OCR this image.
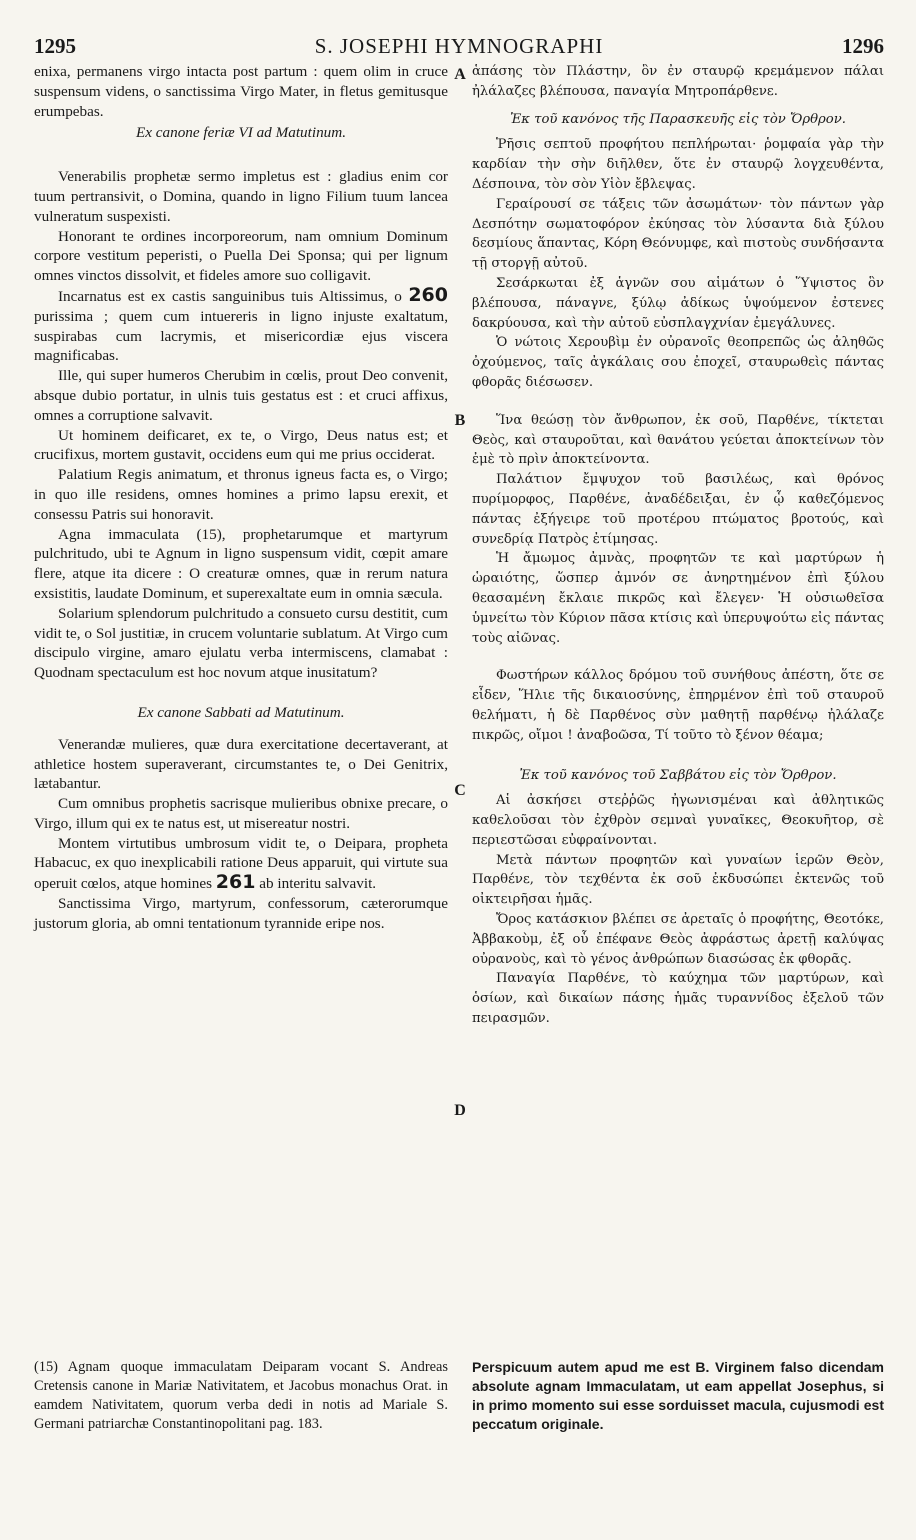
1295	S. JOSEPHI HYMNOGRAPHI	1296
A
B
C
D

enixa, permanens virgo intacta post partum : quem olim in cruce suspensum videns, o sanctissima Virgo Mater, in fletus gemitusque erumpebas.

Ex canone feriæ VI ad Matutinum.

Venerabilis prophetæ sermo impletus est : gladius enim cor tuum pertransivit, o Domina, quando in ligno Filium tuum lancea vulneratum suspexisti.

Honorant te ordines incorporeorum, nam omnium Dominum corpore vestitum peperisti, o Puella Dei Sponsa; qui per lignum omnes vinctos dissolvit, et fideles amore suo colligavit.

Incarnatus est ex castis sanguinibus tuis Altissimus, o 260 purissima ; quem cum intuereris in ligno injuste exaltatum, suspirabas cum lacrymis, et misericordiæ ejus viscera magnificabas.

Ille, qui super humeros Cherubim in cœlis, prout Deo convenit, absque dubio portatur, in ulnis tuis gestatus est : et cruci affixus, omnes a corruptione salvavit.

Ut hominem deificaret, ex te, o Virgo, Deus natus est; et crucifixus, mortem gustavit, occidens eum qui me prius occiderat.

Palatium Regis animatum, et thronus igneus facta es, o Virgo; in quo ille residens, omnes homines a primo lapsu erexit, et consessu Patris sui honoravit.

Agna immaculata (15), prophetarumque et martyrum pulchritudo, ubi te Agnum in ligno suspensum vidit, cœpit amare flere, atque ita dicere : O creaturæ omnes, quæ in rerum natura exsistitis, laudate Dominum, et superexaltate eum in omnia sæcula.

Solarium splendorum pulchritudo a consueto cursu destitit, cum vidit te, o Sol justitiæ, in crucem voluntarie sublatum. At Virgo cum discipulo virgine, amaro ejulatu verba intermiscens, clamabat : Quodnam spectaculum est hoc novum atque inusitatum?

Ex canone Sabbati ad Matutinum.

Venerandæ mulieres, quæ dura exercitatione decertaverant, at athletice hostem superaverant, circumstantes te, o Dei Genitrix, lætabantur.

Cum omnibus prophetis sacrisque mulieribus obnixe precare, o Virgo, illum qui ex te natus est, ut misereatur nostri.

Montem virtutibus umbrosum vidit te, o Deipara, propheta Habacuc, ex quo inexplicabili ratione Deus apparuit, qui virtute sua operuit cœlos, atque homines 261 ab interitu salvavit.

Sanctissima Virgo, martyrum, confessorum, cæterorumque justorum gloria, ab omni tentationum tyrannide eripe nos.

ἁπάσης τὸν Πλάστην, ὃν ἐν σταυρῷ κρεμάμενον πάλαι ἠλάλαζες βλέπουσα, παναγία Μητροπάρθενε.

Ἐκ τοῦ κανόνος τῆς Παρασκευῆς εἰς τὸν Ὄρθρον.

Ῥῆσις σεπτοῦ προφήτου πεπλήρωται· ῥομφαία γὰρ τὴν καρδίαν τὴν σὴν διῆλθεν, ὅτε ἐν σταυρῷ λογχευθέντα, Δέσποινα, τὸν σὸν Υἱὸν ἔβλεψας.

Γεραίρουσί σε τάξεις τῶν ἀσωμάτων· τὸν πάντων γὰρ Δεσπότην σωματοφόρον ἐκύησας τὸν λύσαντα διὰ ξύλου δεσμίους ἅπαντας, Κόρη Θεόνυμφε, καὶ πιστοὺς συνδήσαντα τῇ στοργῇ αὐτοῦ.

Σεσάρκωται ἐξ ἁγνῶν σου αἱμάτων ὁ Ὕψιστος ὃν βλέπουσα, πάναγνε, ξύλῳ ἀδίκως ὑψούμενον ἐστενες δακρύουσα, καὶ τὴν αὐτοῦ εὐσπλαγχνίαν ἐμεγάλυνες.

Ὁ νώτοις Χερουβὶμ ἐν οὐρανοῖς θεοπρεπῶς ὡς ἀληθῶς ὀχούμενος, ταῖς ἀγκάλαις σου ἐποχεῖ, σταυρωθεὶς πάντας φθορᾶς διέσωσεν.

Ἵνα θεώσῃ τὸν ἄνθρωπον, ἐκ σοῦ, Παρθένε, τίκτεται Θεὸς, καὶ σταυροῦται, καὶ θανάτου γεύεται ἀποκτείνων τὸν ἐμὲ τὸ πρὶν ἀποκτείνοντα.

Παλάτιον ἔμψυχον τοῦ βασιλέως, καὶ θρόνος πυρίμορφος, Παρθένε, ἀναδέδειξαι, ἐν ᾧ καθεζόμενος πάντας ἐξήγειρε τοῦ προτέρου πτώματος βροτούς, καὶ συνεδρίᾳ Πατρὸς ἐτίμησας.

Ἡ ἄμωμος ἀμνὰς, προφητῶν τε καὶ μαρτύρων ἡ ὡραιότης, ὥσπερ ἀμνόν σε ἀνηρτημένον ἐπὶ ξύλου θεασαμένη ἔκλαιε πικρῶς καὶ ἔλεγεν· Ἡ οὐσιωθεῖσα ὑμνείτω τὸν Κύριον πᾶσα κτίσις καὶ ὑπερυψούτω εἰς πάντας τοὺς αἰῶνας.

Φωστήρων κάλλος δρόμου τοῦ συνήθους ἀπέστη, ὅτε σε εἶδεν, Ἥλιε τῆς δικαιοσύνης, ἐπηρμένον ἐπὶ τοῦ σταυροῦ θελήματι, ἡ δὲ Παρθένος σὺν μαθητῇ παρθένῳ ἠλάλαζε πικρῶς, οἴμοι ! ἀναβοῶσα, Τί τοῦτο τὸ ξένον θέαμα;

Ἐκ τοῦ κανόνος τοῦ Σαββάτου εἰς τὸν Ὄρθρον.

Αἱ ἀσκήσει στεῤῥῶς ἠγωνισμέναι καὶ ἀθλητικῶς καθελοῦσαι τὸν ἐχθρὸν σεμναὶ γυναῖκες, Θεοκυῆτορ, σὲ περιεστῶσαι εὐφραίνονται.

Μετὰ πάντων προφητῶν καὶ γυναίων ἱερῶν Θεὸν, Παρθένε, τὸν τεχθέντα ἐκ σοῦ ἐκδυσώπει ἐκτενῶς τοῦ οἰκτειρῆσαι ἡμᾶς.

Ὄρος κατάσκιον βλέπει σε ἀρεταῖς ὁ προφήτης, Θεοτόκε, Ἀββακοὺμ, ἐξ οὗ ἐπέφανε Θεὸς ἀφράστως ἀρετῇ καλύψας οὐρανοὺς, καὶ τὸ γένος ἀνθρώπων διασώσας ἐκ φθορᾶς.

Παναγία Παρθένε, τὸ καύχημα τῶν μαρτύρων, καὶ ὁσίων, καὶ δικαίων πάσης ἡμᾶς τυραννίδος ἐξελοῦ τῶν πειρασμῶν.

(15) Agnam quoque immaculatam Deiparam vocant S. Andreas Cretensis canone in Mariæ Nativitatem, et Jacobus monachus Orat. in eamdem Nativitatem, quorum verba dedi in notis ad Mariale S. Germani patriarchæ Constantinopolitani pag. 183.

Perspicuum autem apud me est B. Virginem falso dicendam absolute agnam Immaculatam, ut eam appellat Josephus, si in primo momento sui esse sorduisset macula, cujusmodi est peccatum originale.
